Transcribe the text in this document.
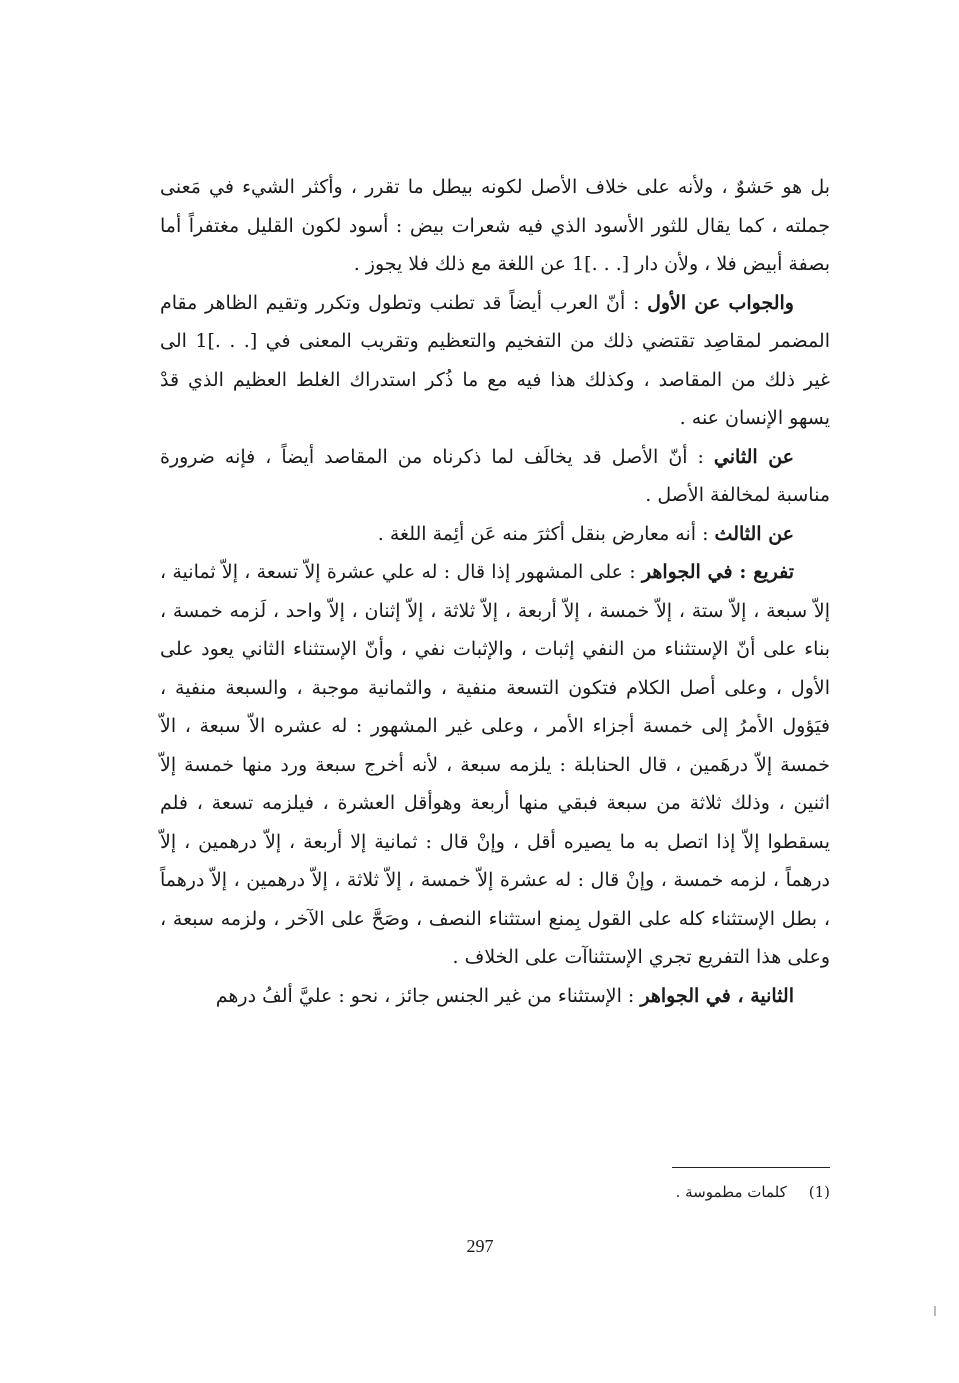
بل هو حَشوٌ ، ولأنه على خلاف الأصل لكونه بيطل ما تقرر ، وأكثر الشيء في مَعنى جملته ، كما يقال للثور الأسود الذي فيه شعرات بيض : أسود لكون القليل مغتفراً أما بصفة أبيض فلا ، ولأن دار [. . .]1 عن اللغة مع ذلك فلا يجوز .

والجواب عن الأول : أنّ العرب أيضاً قد تطنب وتطول وتكرر وتقيم الظاهر مقام المضمر لمقاصِد تقتضي ذلك من التفخيم والتعظيم وتقريب المعنى في [. . .]1 الى غير ذلك من المقاصد ، وكذلك هذا فيه مع ما ذُكر استدراك الغلط العظيم الذي قدْ يسهو الإنسان عنه .

عن الثاني : أنّ الأصل قد يخالَف لما ذكرناه من المقاصد أيضاً ، فإنه ضرورة مناسبة لمخالفة الأصل .

عن الثالث : أنه معارض بنقل أكثرَ منه عَن أئِمة اللغة .

تفريع : في الجواهر : على المشهور إذا قال : له علي عشرة إلاّ تسعة ، إلاّ ثمانية ، إلاّ سبعة ، إلاّ ستة ، إلاّ خمسة ، إلاّ أربعة ، إلاّ ثلاثة ، إلاّ إثنان ، إلاّ واحد ، لَزمه خمسة ، بناء على أنّ الإستثناء من النفي إثبات ، والإثبات نفي ، وأنّ الإستثناء الثاني يعود على الأول ، وعلى أصل الكلام فتكون التسعة منفية ، والثمانية موجبة ، والسبعة منفية ، فيَؤول الأمرُ إلى خمسة أجزاء الأمر ، وعلى غير المشهور : له عشره الاّ سبعة ، الاّ خمسة إلاّ درهَمين ، قال الحنابلة : يلزمه سبعة ، لأنه أخرج سبعة ورد منها خمسة إلاّ اثنين ، وذلك ثلاثة من سبعة فبقي منها أربعة وهوأقل العشرة ، فيلزمه تسعة ، فلم يسقطوا إلاّ إذا اتصل به ما يصيره أقل ، وإنْ قال : ثمانية إلا أربعة ، إلاّ درهمين ، إلاّ درهماً ، لزمه خمسة ، وإنْ قال : له عشرة إلاّ خمسة ، إلاّ ثلاثة ، إلاّ درهمين ، إلاّ درهماً ، بطل الإستثناء كله على القول بِمنع استثناء النصف ، وصَحَّ على الآخر ، ولزمه سبعة ، وعلى هذا التفريع تجري الإستثناآت على الخلاف .

الثانية ، في الجواهر : الإستثناء من غير الجنس جائز ، نحو : عليَّ ألفُ درهم

(1)كلمات مطموسة .
297
